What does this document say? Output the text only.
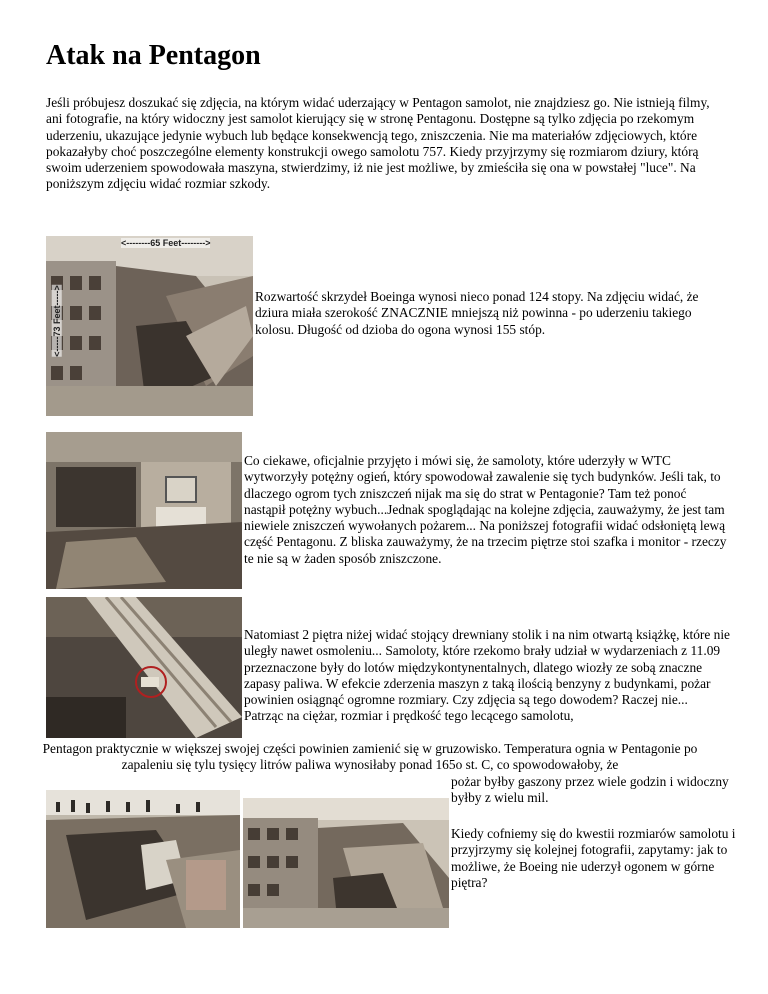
Atak na Pentagon

Jeśli próbujesz doszukać się zdjęcia, na którym widać uderzający w Pentagon samolot, nie znajdziesz go. Nie istnieją filmy, ani fotografie, na który widoczny jest samolot kierujący się w stronę Pentagonu. Dostępne są tylko zdjęcia po rzekomym uderzeniu, ukazujące jedynie wybuch lub będące konsekwencją tego, zniszczenia. Nie ma materiałów zdjęciowych, które pokazałyby choć poszczególne elementy konstrukcji owego samolotu 757. Kiedy przyjrzymy się rozmiarom dziury, którą swoim uderzeniem spowodowała maszyna, stwierdzimy, iż nie jest możliwe, by zmieściła się ona w powstałej "luce". Na poniższym zdjęciu widać rozmiar szkody.

<--------65 Feet-------->
<-----73 Feet----->	Rozwartość skrzydeł Boeinga wynosi nieco ponad 124 stopy. Na zdjęciu widać, że dziura miała szerokość ZNACZNIE mniejszą niż powinna - po uderzeniu takiego kolosu. Długość od dzioba do ogona wynosi 155 stóp.

Co ciekawe, oficjalnie przyjęto i mówi się, że samoloty, które uderzyły w WTC wytworzyły potężny ogień, który spowodował zawalenie się tych budynków. Jeśli tak, to dlaczego ogrom tych zniszczeń nijak ma się do strat w Pentagonie? Tam też ponoć nastąpił potężny wybuch...Jednak spoglądając na kolejne zdjęcia, zauważymy, że jest tam niewiele zniszczeń wywołanych pożarem... Na poniższej fotografii widać odsłoniętą lewą część Pentagonu. Z bliska zauważymy, że na trzecim piętrze stoi szafka i monitor - rzeczy te nie są w żaden sposób zniszczone.

Natomiast 2 piętra niżej widać stojący drewniany stolik i na nim otwartą książkę, które nie uległy nawet osmoleniu... Samoloty, które rzekomo brały udział w wydarzeniach z 11.09 przeznaczone były do lotów międzykontynentalnych, dlatego wiozły ze sobą znaczne zapasy paliwa. W efekcie zderzenia maszyn z taką ilością benzyny z budynkami, pożar powinien osiągnąć ogromne rozmiary. Czy zdjęcia są tego dowodem? Raczej nie... Patrząc na ciężar, rozmiar i prędkość tego lecącego samolotu,

Pentagon praktycznie w większej swojej części powinien zamienić się w gruzowisko. Temperatura ognia w Pentagonie po zapaleniu się tylu tysięcy litrów paliwa wynosiłaby ponad 165o st. C, co spowodowałoby, że

pożar byłby gaszony przez wiele godzin i widoczny byłby z wielu mil.

Kiedy cofniemy się do kwestii rozmiarów samolotu i przyjrzymy się kolejnej fotografii, zapytamy: jak to możliwe, że Boeing nie uderzył ogonem w górne piętra?
